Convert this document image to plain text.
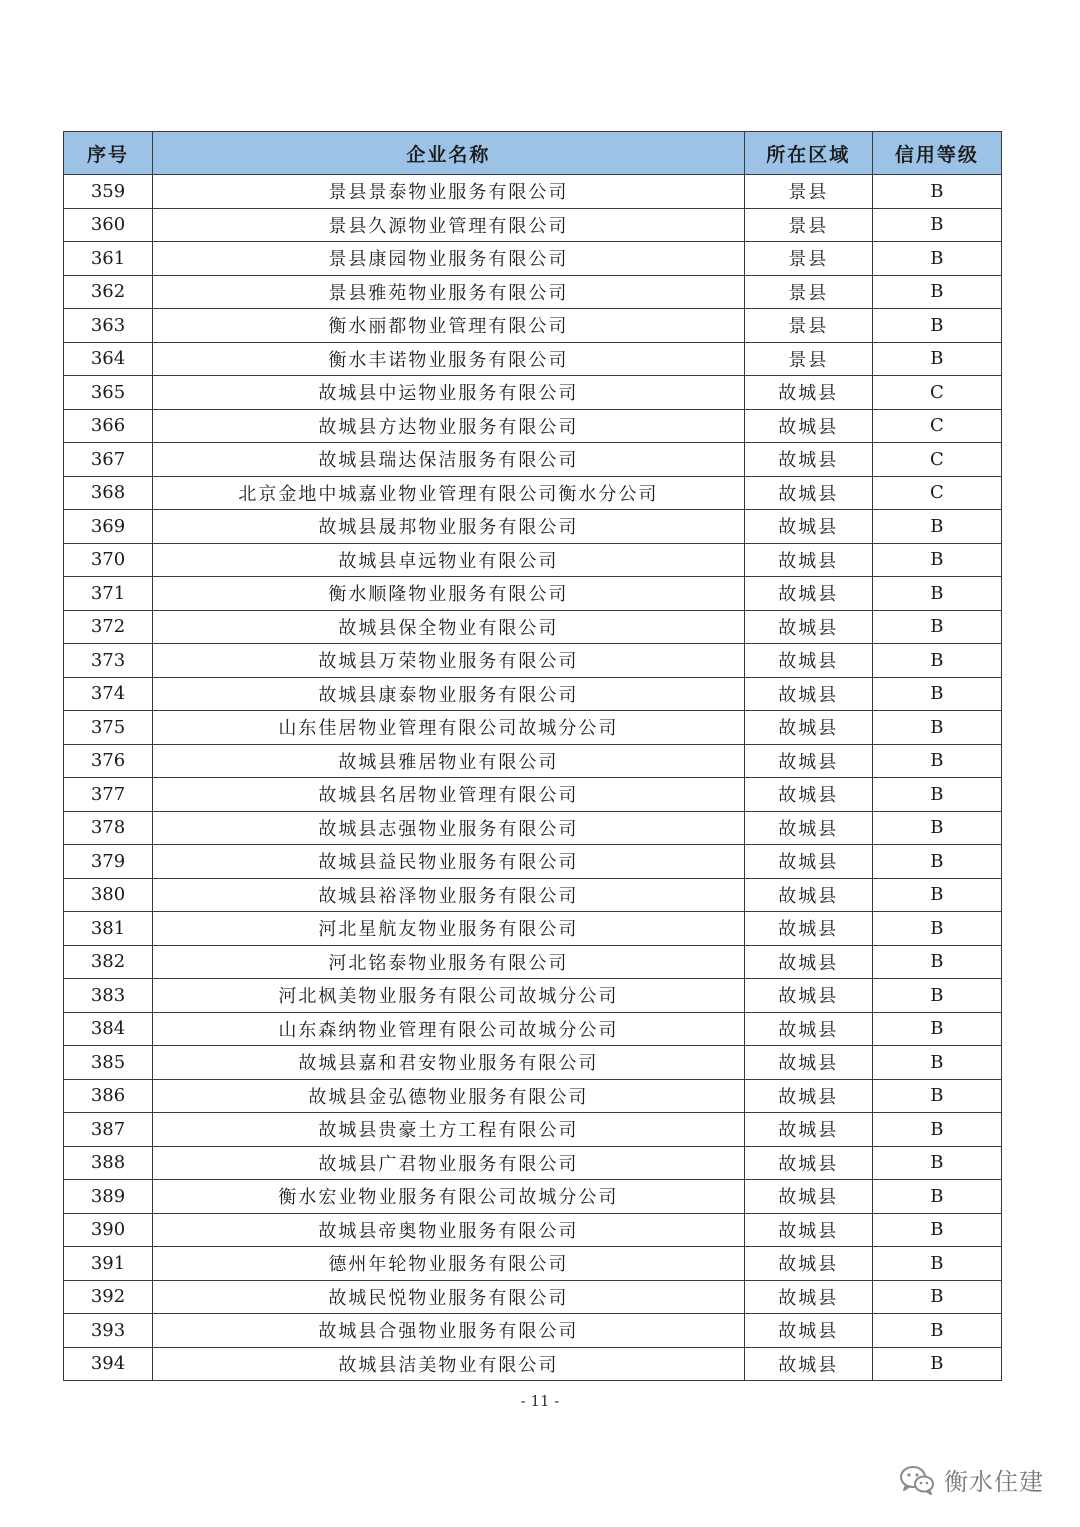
序号	企业名称	所在区域	信用等级
359	景县景泰物业服务有限公司	景县	B
360	景县久源物业管理有限公司	景县	B
361	景县康园物业服务有限公司	景县	B
362	景县雅苑物业服务有限公司	景县	B
363	衡水丽都物业管理有限公司	景县	B
364	衡水丰诺物业服务有限公司	景县	B
365	故城县中运物业服务有限公司	故城县	C
366	故城县方达物业服务有限公司	故城县	C
367	故城县瑞达保洁服务有限公司	故城县	C
368	北京金地中城嘉业物业管理有限公司衡水分公司	故城县	C
369	故城县晟邦物业服务有限公司	故城县	B
370	故城县卓远物业有限公司	故城县	B
371	衡水顺隆物业服务有限公司	故城县	B
372	故城县保全物业有限公司	故城县	B
373	故城县万荣物业服务有限公司	故城县	B
374	故城县康泰物业服务有限公司	故城县	B
375	山东佳居物业管理有限公司故城分公司	故城县	B
376	故城县雅居物业有限公司	故城县	B
377	故城县名居物业管理有限公司	故城县	B
378	故城县志强物业服务有限公司	故城县	B
379	故城县益民物业服务有限公司	故城县	B
380	故城县裕泽物业服务有限公司	故城县	B
381	河北星航友物业服务有限公司	故城县	B
382	河北铭泰物业服务有限公司	故城县	B
383	河北枫美物业服务有限公司故城分公司	故城县	B
384	山东森纳物业管理有限公司故城分公司	故城县	B
385	故城县嘉和君安物业服务有限公司	故城县	B
386	故城县金弘德物业服务有限公司	故城县	B
387	故城县贵豪土方工程有限公司	故城县	B
388	故城县广君物业服务有限公司	故城县	B
389	衡水宏业物业服务有限公司故城分公司	故城县	B
390	故城县帝奥物业服务有限公司	故城县	B
391	德州年轮物业服务有限公司	故城县	B
392	故城民悦物业服务有限公司	故城县	B
393	故城县合强物业服务有限公司	故城县	B
394	故城县洁美物业有限公司	故城县	B
- 11 -
衡水住建
